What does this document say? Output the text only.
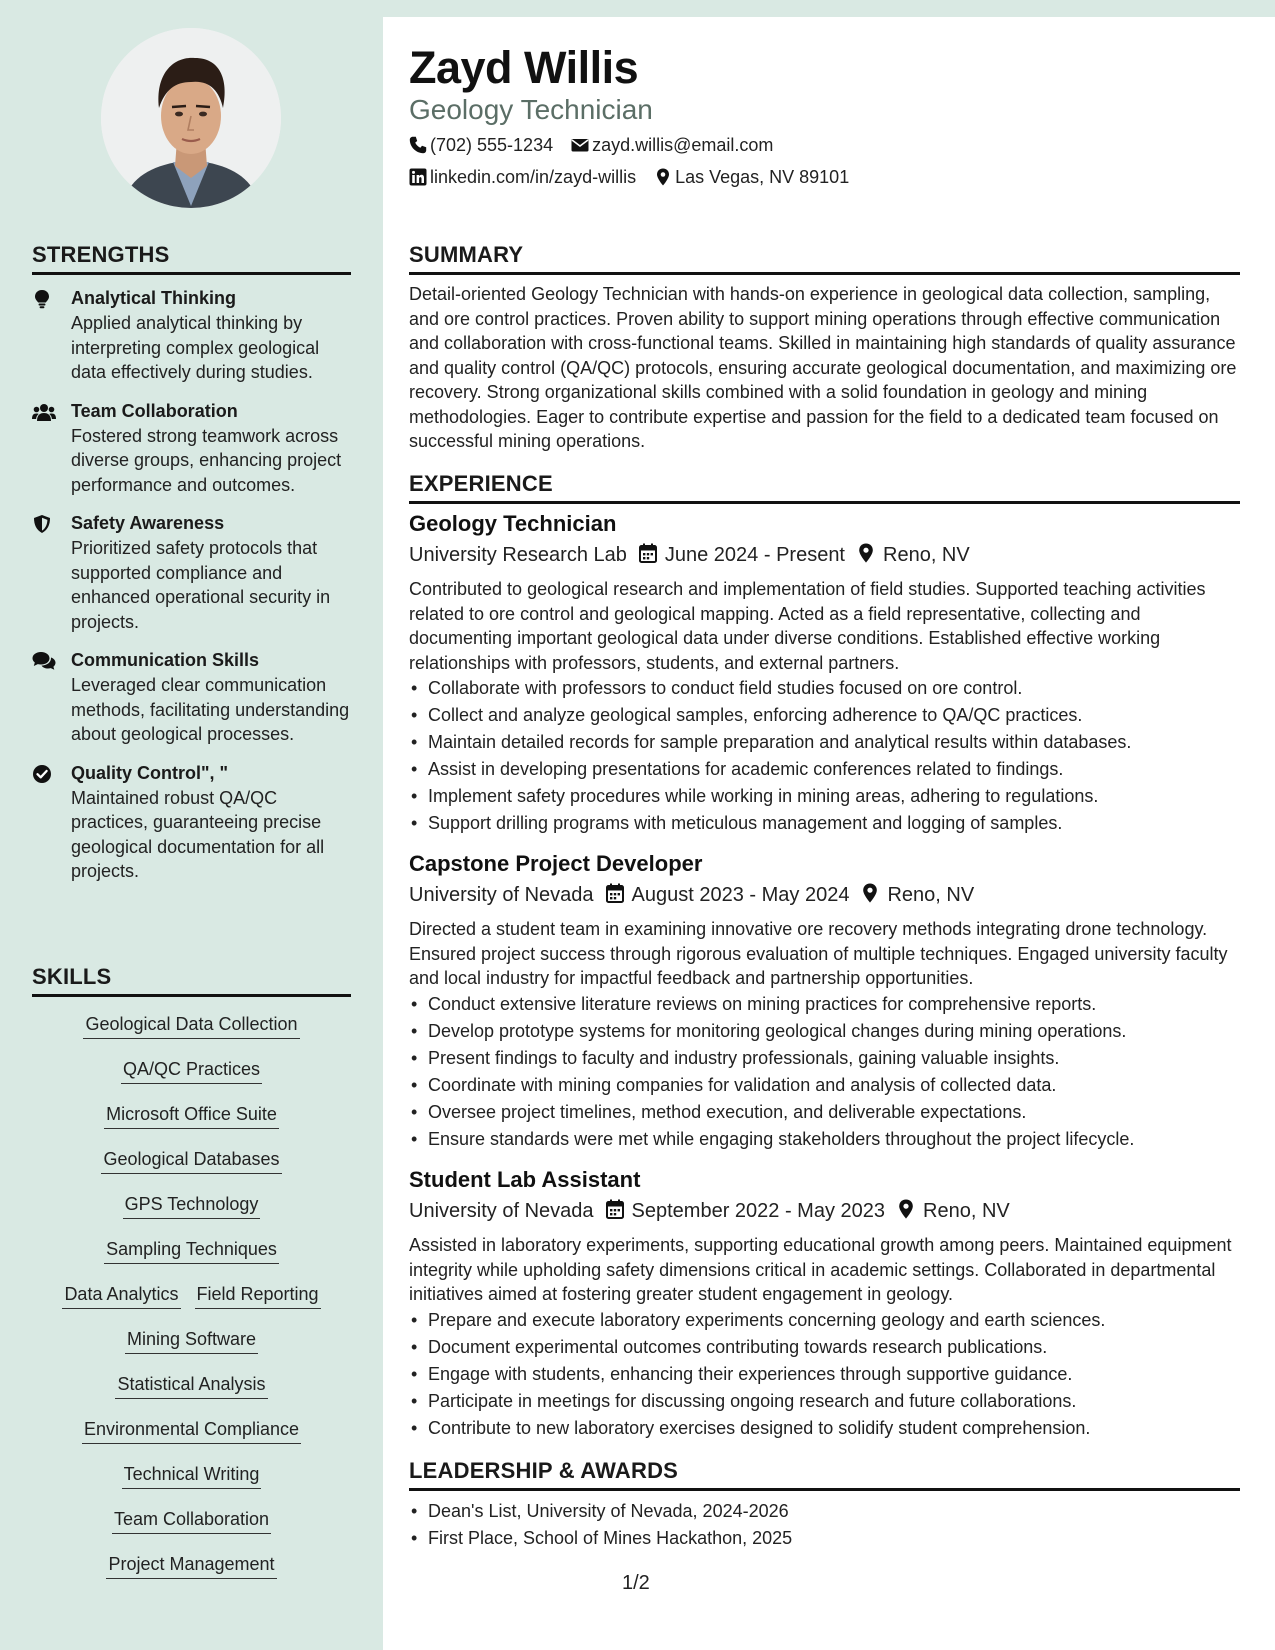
STRENGTHS
Analytical Thinking
Applied analytical thinking by interpreting complex geological data effectively during studies.
Team Collaboration
Fostered strong teamwork across diverse groups, enhancing project performance and outcomes.
Safety Awareness
Prioritized safety protocols that supported compliance and enhanced operational security in projects.
Communication Skills
Leveraged clear communication methods, facilitating understanding about geological processes.
Quality Control", "
Maintained robust QA/QC practices, guaranteeing precise geological documentation for all projects.
SKILLS
Geological Data Collection
QA/QC Practices
Microsoft Office Suite
Geological Databases
GPS Technology
Sampling Techniques
Data Analytics Field Reporting
Mining Software
Statistical Analysis
Environmental Compliance
Technical Writing
Team Collaboration
Project Management
Zayd Willis
Geology Technician
(702) 555-1234 zayd.willis@email.com
linkedin.com/in/zayd-willis Las Vegas, NV 89101
SUMMARY
Detail-oriented Geology Technician with hands-on experience in geological data collection, sampling, and ore control practices. Proven ability to support mining operations through effective communication and collaboration with cross-functional teams. Skilled in maintaining high standards of quality assurance and quality control (QA/QC) protocols, ensuring accurate geological documentation, and maximizing ore recovery. Strong organizational skills combined with a solid foundation in geology and mining methodologies. Eager to contribute expertise and passion for the field to a dedicated team focused on successful mining operations.
EXPERIENCE
Geology Technician
University Research Lab June 2024 - Present Reno, NV
Contributed to geological research and implementation of field studies. Supported teaching activities related to ore control and geological mapping. Acted as a field representative, collecting and documenting important geological data under diverse conditions. Established effective working relationships with professors, students, and external partners.
• Collaborate with professors to conduct field studies focused on ore control.
• Collect and analyze geological samples, enforcing adherence to QA/QC practices.
• Maintain detailed records for sample preparation and analytical results within databases.
• Assist in developing presentations for academic conferences related to findings.
• Implement safety procedures while working in mining areas, adhering to regulations.
• Support drilling programs with meticulous management and logging of samples.
Capstone Project Developer
University of Nevada August 2023 - May 2024 Reno, NV
Directed a student team in examining innovative ore recovery methods integrating drone technology. Ensured project success through rigorous evaluation of multiple techniques. Engaged university faculty and local industry for impactful feedback and partnership opportunities.
• Conduct extensive literature reviews on mining practices for comprehensive reports.
• Develop prototype systems for monitoring geological changes during mining operations.
• Present findings to faculty and industry professionals, gaining valuable insights.
• Coordinate with mining companies for validation and analysis of collected data.
• Oversee project timelines, method execution, and deliverable expectations.
• Ensure standards were met while engaging stakeholders throughout the project lifecycle.
Student Lab Assistant
University of Nevada September 2022 - May 2023 Reno, NV
Assisted in laboratory experiments, supporting educational growth among peers. Maintained equipment integrity while upholding safety dimensions critical in academic settings. Collaborated in departmental initiatives aimed at fostering greater student engagement in geology.
• Prepare and execute laboratory experiments concerning geology and earth sciences.
• Document experimental outcomes contributing towards research publications.
• Engage with students, enhancing their experiences through supportive guidance.
• Participate in meetings for discussing ongoing research and future collaborations.
• Contribute to new laboratory exercises designed to solidify student comprehension.
LEADERSHIP & AWARDS
• Dean's List, University of Nevada, 2024-2026
• First Place, School of Mines Hackathon, 2025
1/2
